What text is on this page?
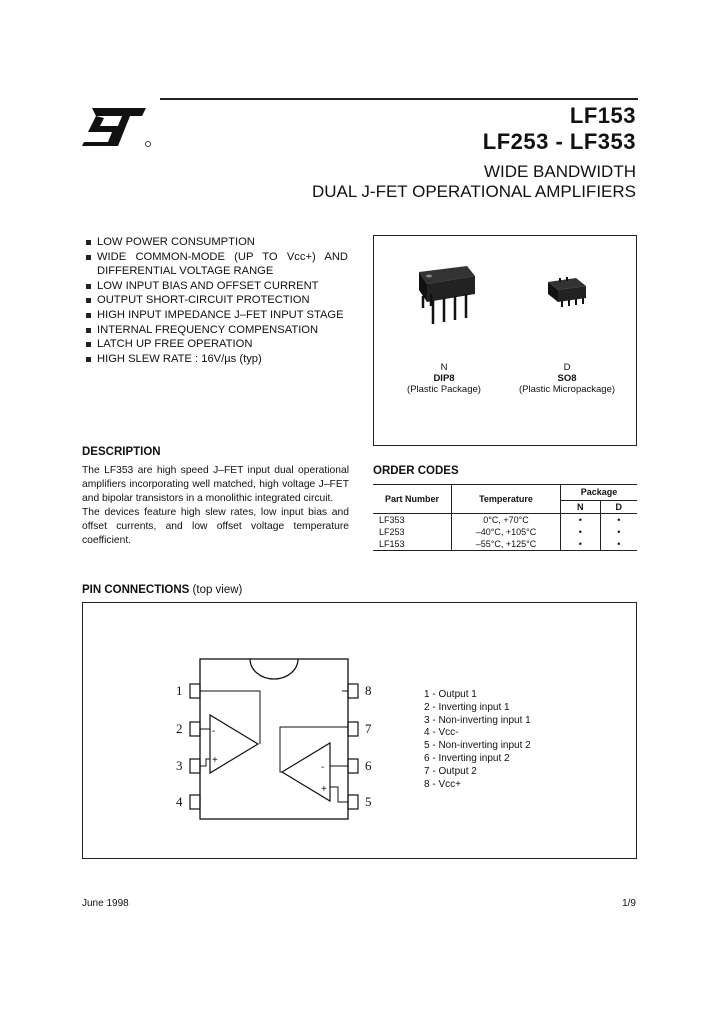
LF153
LF253 - LF353
WIDE BANDWIDTH
DUAL J-FET OPERATIONAL AMPLIFIERS
LOW POWER CONSUMPTION
WIDE COMMON-MODE (UP TO Vcc+) AND DIFFERENTIAL VOLTAGE RANGE
LOW INPUT BIAS AND OFFSET CURRENT
OUTPUT SHORT-CIRCUIT PROTECTION
HIGH INPUT IMPEDANCE J–FET INPUT STAGE
INTERNAL FREQUENCY COMPENSATION
LATCH UP FREE OPERATION
HIGH SLEW RATE : 16V/µs (typ)
N
DIP8
(Plastic Package)
D
SO8
(Plastic Micropackage)
DESCRIPTION

The LF353 are high speed J–FET input dual operational amplifiers incorporating well matched, high voltage J–FET and bipolar transistors in a monolithic integrated circuit.

The devices feature high slew rates, low input bias and offset currents, and low offset voltage temperature coefficient.

ORDER CODES
Part Number	Temperature	Package	
		N	D
LF353	0°C, +70°C	•	•
LF253	–40°C, +105°C	•	•
LF153	–55°C, +125°C	•	•
PIN CONNECTIONS (top view)
1
2
3
4
8
7
6
5
-
+
-
+
1 - Output 1
2 - Inverting input 1
3 - Non-inverting input 1
4 - Vcc-
5 - Non-inverting input 2
6 - Inverting input 2
7 - Output 2
8 - Vcc+
June 1998	1/9
